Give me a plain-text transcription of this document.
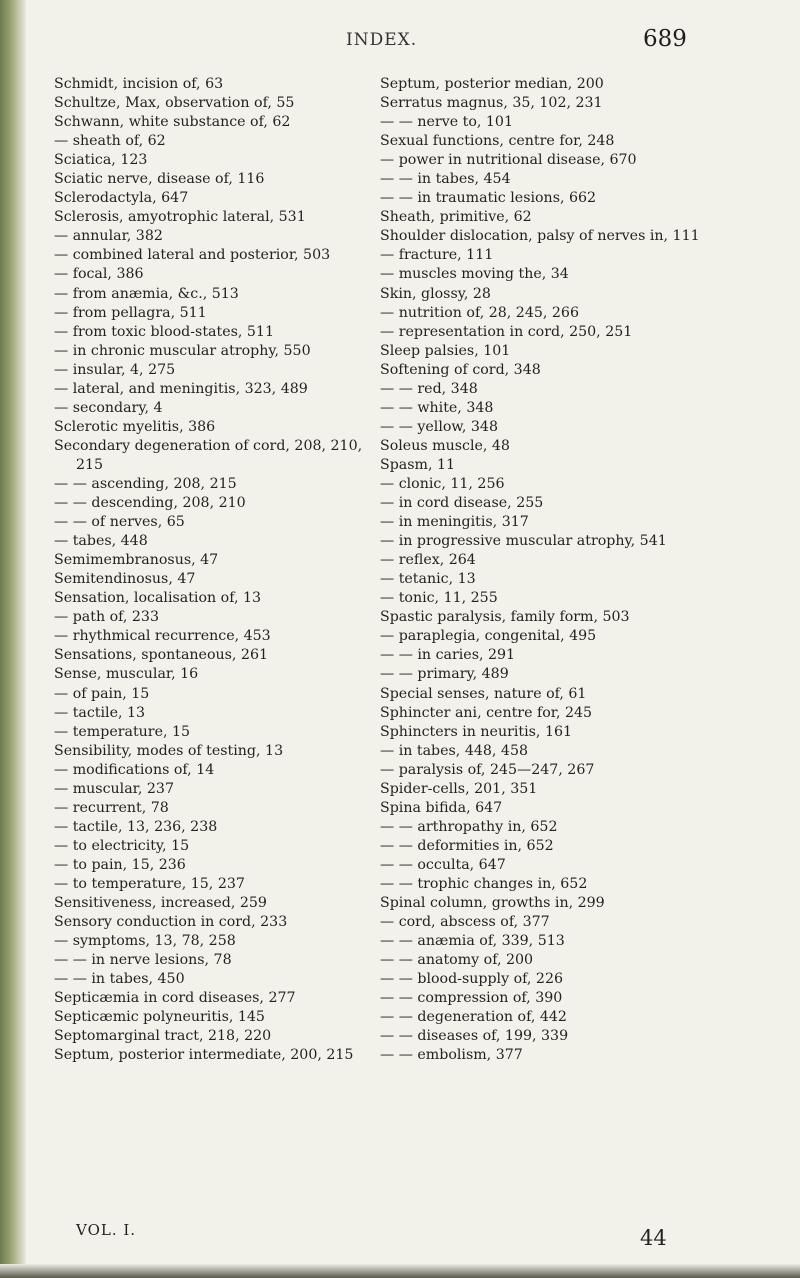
INDEX.	689
Schmidt, incision of, 63
Schultze, Max, observation of, 55
Schwann, white substance of, 62
— sheath of, 62
Sciatica, 123
Sciatic nerve, disease of, 116
Sclerodactyla, 647
Sclerosis, amyotrophic lateral, 531
— annular, 382
— combined lateral and posterior, 503
— focal, 386
— from anæmia, &c., 513
— from pellagra, 511
— from toxic blood-states, 511
— in chronic muscular atrophy, 550
— insular, 4, 275
— lateral, and meningitis, 323, 489
— secondary, 4
Sclerotic myelitis, 386
Secondary degeneration of cord, 208, 210,
215
— — ascending, 208, 215
— — descending, 208, 210
— — of nerves, 65
— tabes, 448
Semimembranosus, 47
Semitendinosus, 47
Sensation, localisation of, 13
— path of, 233
— rhythmical recurrence, 453
Sensations, spontaneous, 261
Sense, muscular, 16
— of pain, 15
— tactile, 13
— temperature, 15
Sensibility, modes of testing, 13
— modifications of, 14
— muscular, 237
— recurrent, 78
— tactile, 13, 236, 238
— to electricity, 15
— to pain, 15, 236
— to temperature, 15, 237
Sensitiveness, increased, 259
Sensory conduction in cord, 233
— symptoms, 13, 78, 258
— — in nerve lesions, 78
— — in tabes, 450
Septicæmia in cord diseases, 277
Septicæmic polyneuritis, 145
Septomarginal tract, 218, 220
Septum, posterior intermediate, 200, 215
Septum, posterior median, 200
Serratus magnus, 35, 102, 231
— — nerve to, 101
Sexual functions, centre for, 248
— power in nutritional disease, 670
— — in tabes, 454
— — in traumatic lesions, 662
Sheath, primitive, 62
Shoulder dislocation, palsy of nerves in, 111
— fracture, 111
— muscles moving the, 34
Skin, glossy, 28
— nutrition of, 28, 245, 266
— representation in cord, 250, 251
Sleep palsies, 101
Softening of cord, 348
— — red, 348
— — white, 348
— — yellow, 348
Soleus muscle, 48
Spasm, 11
— clonic, 11, 256
— in cord disease, 255
— in meningitis, 317
— in progressive muscular atrophy, 541
— reflex, 264
— tetanic, 13
— tonic, 11, 255
Spastic paralysis, family form, 503
— paraplegia, congenital, 495
— — in caries, 291
— — primary, 489
Special senses, nature of, 61
Sphincter ani, centre for, 245
Sphincters in neuritis, 161
— in tabes, 448, 458
— paralysis of, 245—247, 267
Spider-cells, 201, 351
Spina bifida, 647
— — arthropathy in, 652
— — deformities in, 652
— — occulta, 647
— — trophic changes in, 652
Spinal column, growths in, 299
— cord, abscess of, 377
— — anæmia of, 339, 513
— — anatomy of, 200
— — blood-supply of, 226
— — compression of, 390
— — degeneration of, 442
— — diseases of, 199, 339
— — embolism, 377
VOL. I.	44
